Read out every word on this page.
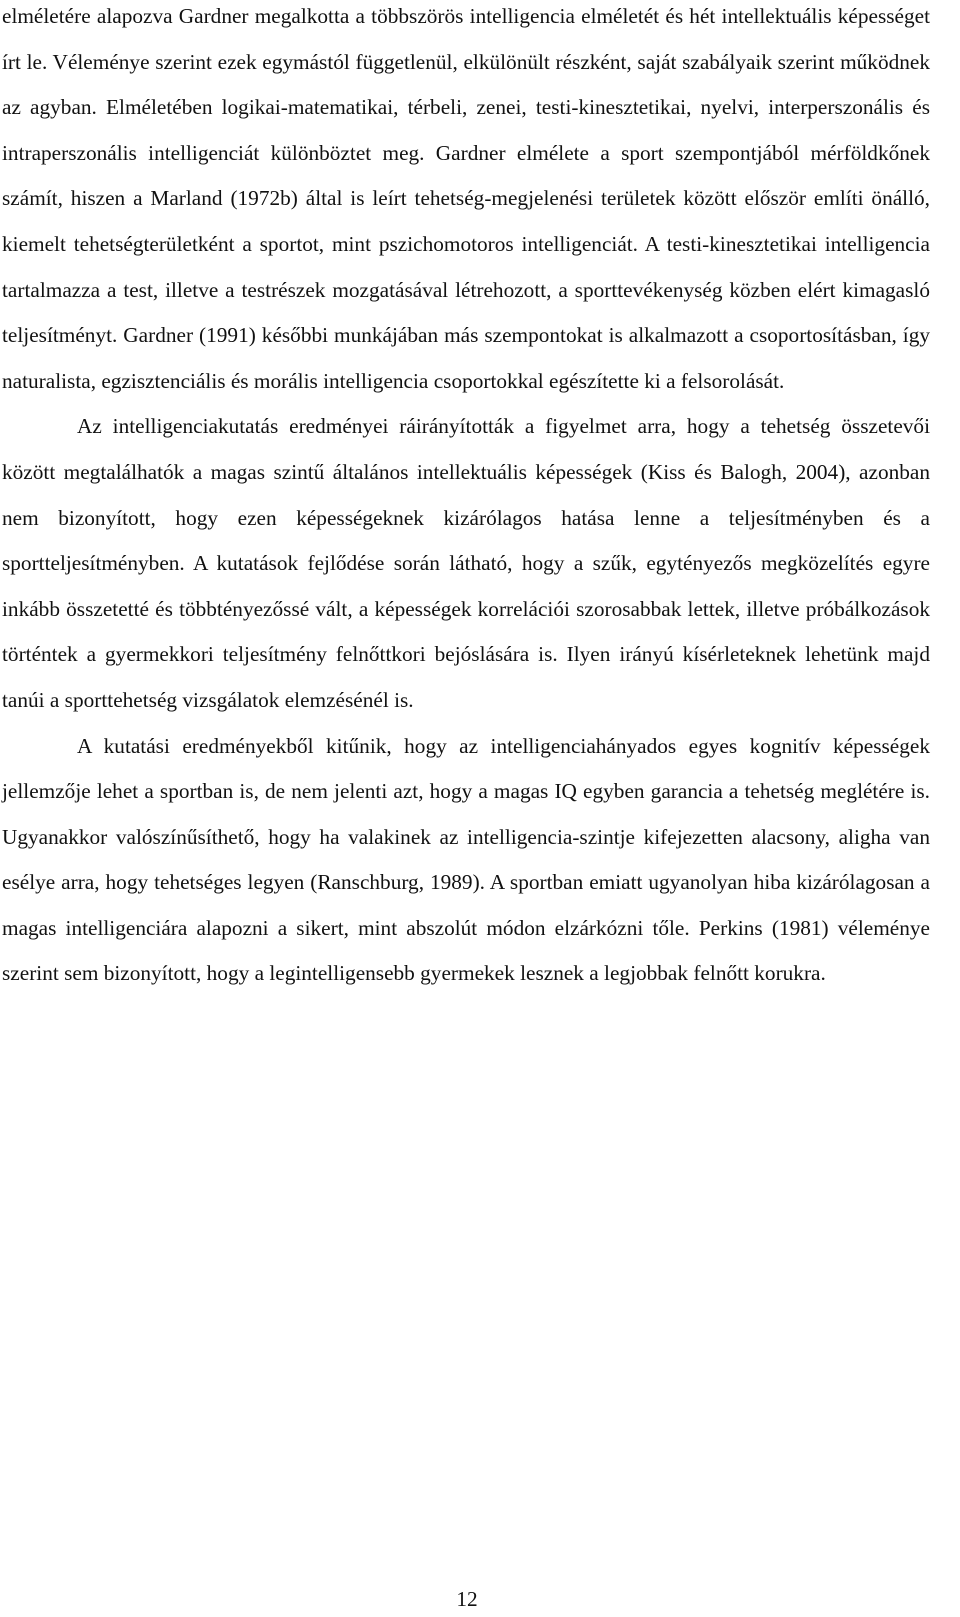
elméletére alapozva Gardner megalkotta a többszörös intelligencia elméletét és hét intellektuális képességet írt le. Véleménye szerint ezek egymástól függetlenül, elkülönült részként, saját szabályaik szerint működnek az agyban. Elméletében logikai-matematikai, térbeli, zenei, testi-kinesztetikai, nyelvi, interperszonális és intraperszonális intelligenciát különböztet meg. Gardner elmélete a sport szempontjából mérföldkőnek számít, hiszen a Marland (1972b) által is leírt tehetség-megjelenési területek között először említi önálló, kiemelt tehetségterületként a sportot, mint pszichomotoros intelligenciát. A testi-kinesztetikai intelligencia tartalmazza a test, illetve a testrészek mozgatásával létrehozott, a sporttevékenység közben elért kimagasló teljesítményt. Gardner (1991) későbbi munkájában más szempontokat is alkalmazott a csoportosításban, így naturalista, egzisztenciális és morális intelligencia csoportokkal egészítette ki a felsorolását.

Az intelligenciakutatás eredményei ráirányították a figyelmet arra, hogy a tehetség összetevői között megtalálhatók a magas szintű általános intellektuális képességek (Kiss és Balogh, 2004), azonban nem bizonyított, hogy ezen képességeknek kizárólagos hatása lenne a teljesítményben és a sportteljesítményben. A kutatások fejlődése során látható, hogy a szűk, egytényezős megközelítés egyre inkább összetetté és többtényezőssé vált, a képességek korrelációi szorosabbak lettek, illetve próbálkozások történtek a gyermekkori teljesítmény felnőttkori bejóslására is. Ilyen irányú kísérleteknek lehetünk majd tanúi a sporttehetség vizsgálatok elemzésénél is.

A kutatási eredményekből kitűnik, hogy az intelligenciahányados egyes kognitív képességek jellemzője lehet a sportban is, de nem jelenti azt, hogy a magas IQ egyben garancia a tehetség meglétére is. Ugyanakkor valószínűsíthető, hogy ha valakinek az intelligencia-szintje kifejezetten alacsony, aligha van esélye arra, hogy tehetséges legyen (Ranschburg, 1989). A sportban emiatt ugyanolyan hiba kizárólagosan a magas intelligenciára alapozni a sikert, mint abszolút módon elzárkózni tőle. Perkins (1981) véleménye szerint sem bizonyított, hogy a legintelligensebb gyermekek lesznek a legjobbak felnőtt korukra.

12
